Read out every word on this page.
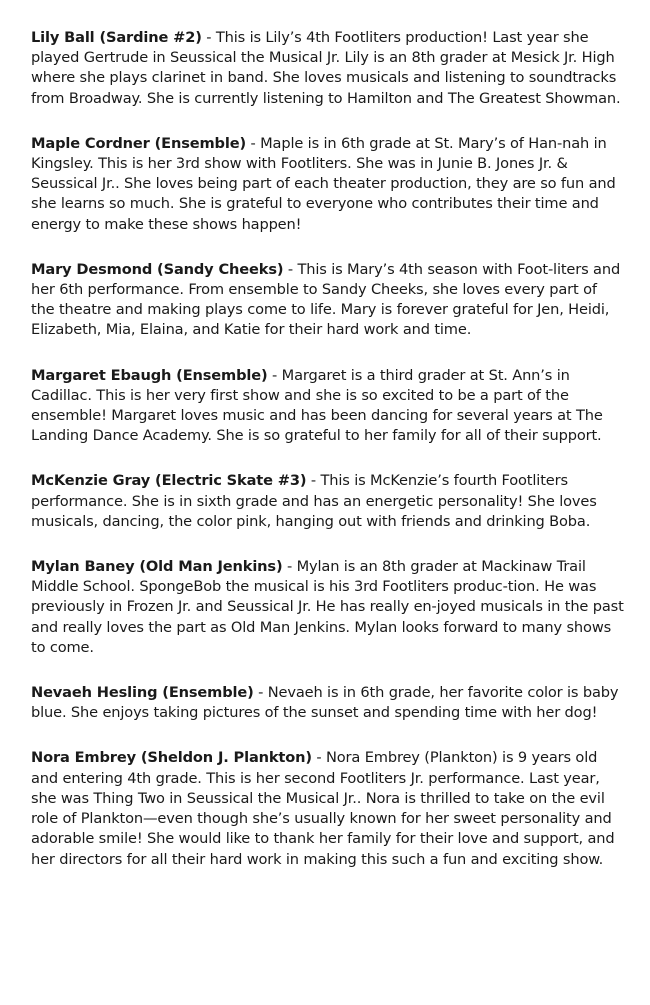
Lily Ball (Sardine #2) - This is Lily’s 4th Footliters production! Last year she played Gertrude in Seussical the Musical Jr. Lily is an 8th grader at Mesick Jr. High where she plays clarinet in band. She loves musicals and listening to soundtracks from Broadway. She is currently listening to Hamilton and The Greatest Showman.

Maple Cordner (Ensemble) - Maple is in 6th grade at St. Mary’s of Han-nah in Kingsley. This is her 3rd show with Footliters. She was in Junie B. Jones Jr. & Seussical Jr.. She loves being part of each theater production, they are so fun and she learns so much. She is grateful to everyone who contributes their time and energy to make these shows happen!

Mary Desmond (Sandy Cheeks) - This is Mary’s 4th season with Foot-liters and her 6th performance. From ensemble to Sandy Cheeks, she loves every part of the theatre and making plays come to life. Mary is forever grateful for Jen, Heidi, Elizabeth, Mia, Elaina, and Katie for their hard work and time.

Margaret Ebaugh (Ensemble) - Margaret is a third grader at St. Ann’s in Cadillac. This is her very first show and she is so excited to be a part of the ensemble! Margaret loves music and has been dancing for several years at The Landing Dance Academy. She is so grateful to her family for all of their support.

McKenzie Gray (Electric Skate #3) - This is McKenzie’s fourth Footliters performance. She is in sixth grade and has an energetic personality! She loves musicals, dancing, the color pink, hanging out with friends and drinking Boba.

Mylan Baney (Old Man Jenkins) - Mylan is an 8th grader at Mackinaw Trail Middle School. SpongeBob the musical is his 3rd Footliters produc-tion. He was previously in Frozen Jr. and Seussical Jr. He has really en-joyed musicals in the past and really loves the part as Old Man Jenkins. Mylan looks forward to many shows to come.

Nevaeh Hesling (Ensemble) - Nevaeh is in 6th grade, her favorite color is baby blue. She enjoys taking pictures of the sunset and spending time with her dog!

Nora Embrey (Sheldon J. Plankton) - Nora Embrey (Plankton) is 9 years old and entering 4th grade. This is her second Footliters Jr. performance. Last year, she was Thing Two in Seussical the Musical Jr.. Nora is thrilled to take on the evil role of Plankton—even though she’s usually known for her sweet personality and adorable smile! She would like to thank her family for their love and support, and her directors for all their hard work in making this such a fun and exciting show.
